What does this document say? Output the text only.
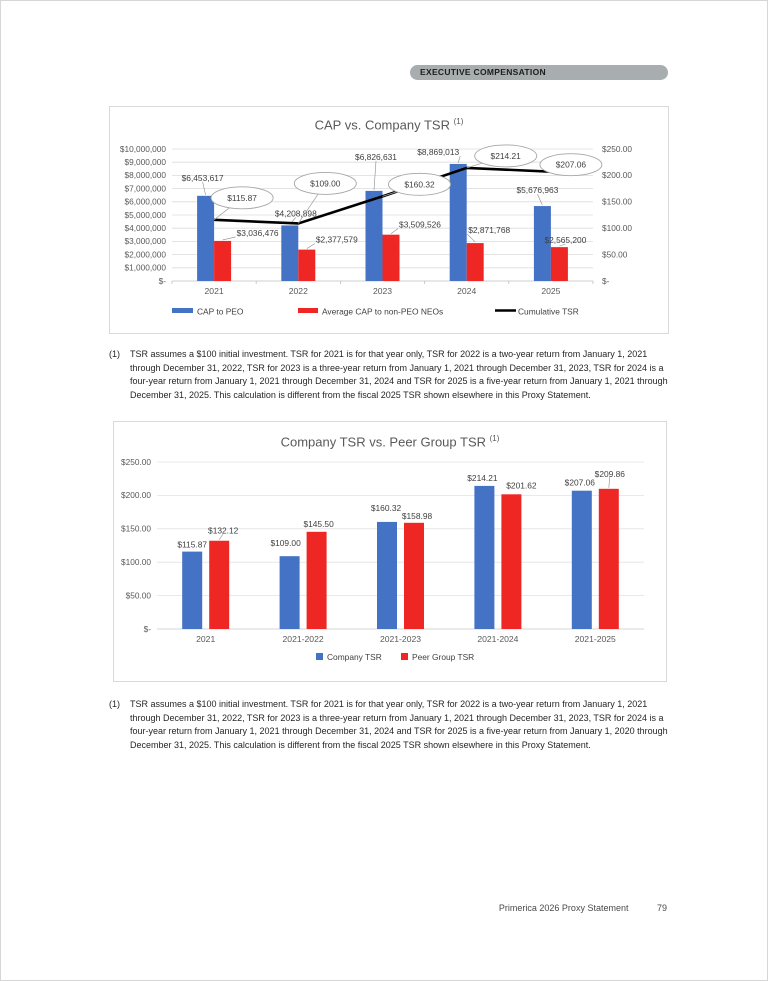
EXECUTIVE COMPENSATION
CAP vs. Company TSR $^{(1)}$
$-
$1,000,000
$2,000,000
$3,000,000
$4,000,000
$5,000,000
$6,000,000
$7,000,000
$8,000,000
$9,000,000
$10,000,000
$-
$50.00
$100.00
$150.00
$200.00
$250.00
2021	2022	2023	2024	2025
$6,453,617
$4,208,898
$6,826,631 $8,869,013
$5,676,963
$3,036,476
$2,377,579
$3,509,526
$2,871,768
$2,565,200
$115.87
$109.00	$160.32
$214.21
$207.06
CAP to PEO	Average CAP to non-PEO NEOs	Cumulative TSR
(1) TSR assumes a $100 initial investment. TSR for 2021 is for that year only, TSR for 2022 is a two-year return from January 1, 2021 through December 31, 2022, TSR for 2023 is a three-year return from January 1, 2021 through December 31, 2023, TSR for 2024 is a four-year return from January 1, 2021 through December 31, 2024 and TSR for 2025 is a five-year return from January 1, 2021 through December 31, 2025. This calculation is different from the fiscal 2025 TSR shown elsewhere in this Proxy Statement.
Company TSR vs. Peer Group TSR $^{(1)}$
$-
$50.00
$100.00
$150.00
$200.00
$250.00
2021	2021-2022	2021-2023	2021-2024	2021-2025
$115.87	$109.00
$160.32
$214.21	$207.06
$132.12
$145.50
$158.98
$201.62
$209.86
Company TSR	Peer Group TSR
(1) TSR assumes a $100 initial investment. TSR for 2021 is for that year only, TSR for 2022 is a two-year return from January 1, 2021 through December 31, 2022, TSR for 2023 is a three-year return from January 1, 2021 through December 31, 2023, TSR for 2024 is a four-year return from January 1, 2021 through December 31, 2024 and TSR for 2025 is a five-year return from January 1, 2020 through December 31, 2025. This calculation is different from the fiscal 2025 TSR shown elsewhere in this Proxy Statement.
Primerica 2026 Proxy Statement	79
